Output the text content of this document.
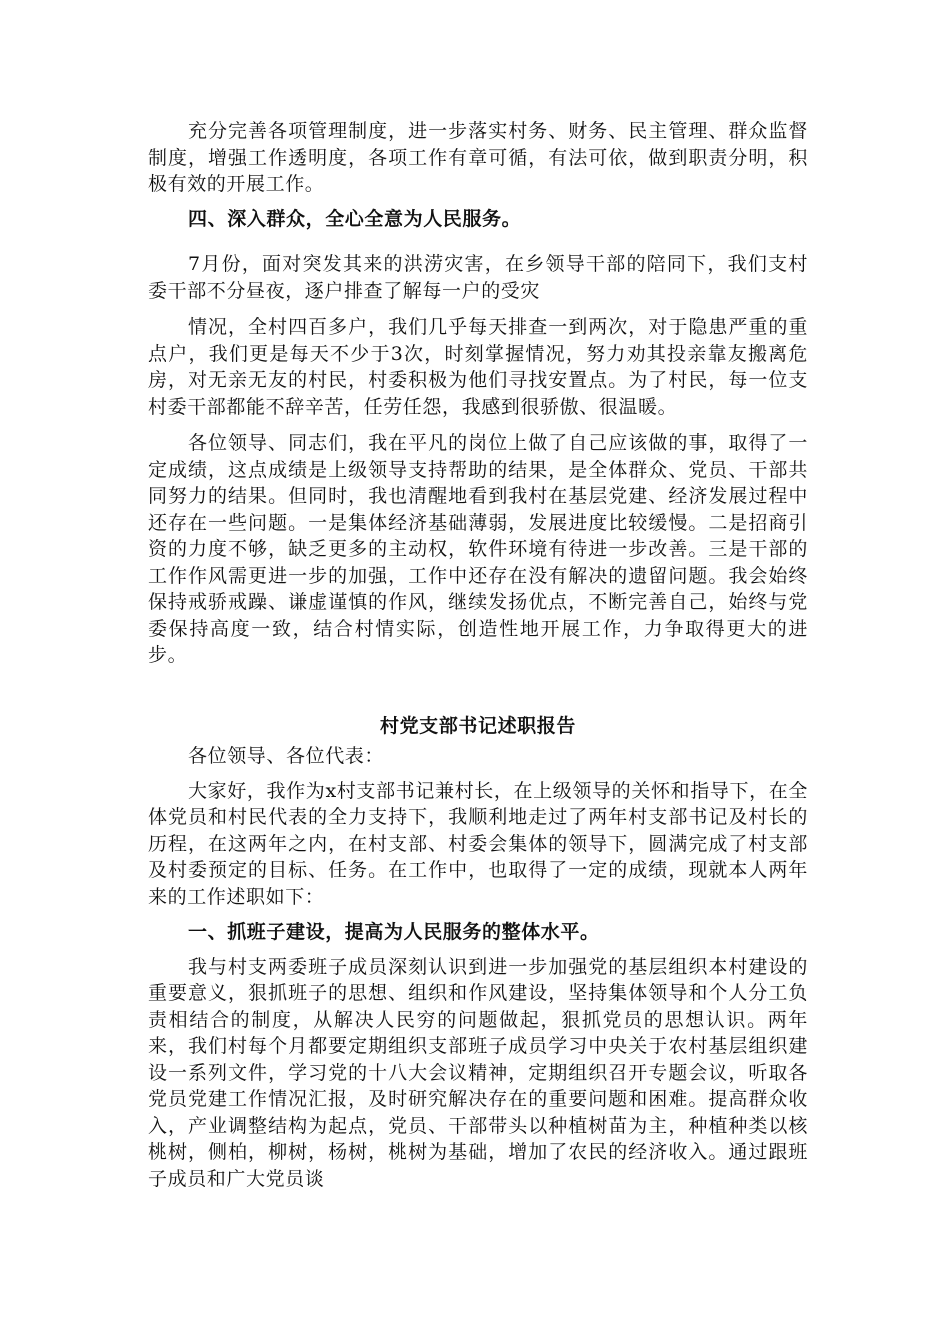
充分完善各项管理制度，进一步落实村务、财务、民主管理、群众监督制度，增强工作透明度，各项工作有章可循，有法可依，做到职责分明，积极有效的开展工作。

四、深入群众，全心全意为人民服务。

7月份，面对突发其来的洪涝灾害，在乡领导干部的陪同下，我们支村委干部不分昼夜，逐户排查了解每一户的受灾

情况，全村四百多户，我们几乎每天排查一到两次，对于隐患严重的重点户，我们更是每天不少于3次，时刻掌握情况，努力劝其投亲靠友搬离危房，对无亲无友的村民，村委积极为他们寻找安置点。为了村民，每一位支村委干部都能不辞辛苦，任劳任怨，我感到很骄傲、很温暖。

各位领导、同志们，我在平凡的岗位上做了自己应该做的事，取得了一定成绩，这点成绩是上级领导支持帮助的结果，是全体群众、党员、干部共同努力的结果。但同时，我也清醒地看到我村在基层党建、经济发展过程中还存在一些问题。一是集体经济基础薄弱，发展进度比较缓慢。二是招商引资的力度不够，缺乏更多的主动权，软件环境有待进一步改善。三是干部的工作作风需更进一步的加强，工作中还存在没有解决的遗留问题。我会始终保持戒骄戒躁、谦虚谨慎的作风，继续发扬优点，不断完善自己，始终与党委保持高度一致，结合村情实际，创造性地开展工作，力争取得更大的进步。

村党支部书记述职报告

各位领导、各位代表：

大家好，我作为x村支部书记兼村长，在上级领导的关怀和指导下，在全体党员和村民代表的全力支持下，我顺利地走过了两年村支部书记及村长的历程，在这两年之内，在村支部、村委会集体的领导下，圆满完成了村支部及村委预定的目标、任务。在工作中，也取得了一定的成绩，现就本人两年来的工作述职如下：

一、抓班子建设，提高为人民服务的整体水平。

我与村支两委班子成员深刻认识到进一步加强党的基层组织本村建设的重要意义，狠抓班子的思想、组织和作风建设，坚持集体领导和个人分工负责相结合的制度，从解决人民穷的问题做起，狠抓党员的思想认识。两年来，我们村每个月都要定期组织支部班子成员学习中央关于农村基层组织建设一系列文件，学习党的十八大会议精神，定期组织召开专题会议，听取各党员党建工作情况汇报，及时研究解决存在的重要问题和困难。提高群众收入，产业调整结构为起点，党员、干部带头以种植树苗为主，种植种类以核桃树，侧柏，柳树，杨树，桃树为基础，增加了农民的经济收入。通过跟班子成员和广大党员谈
